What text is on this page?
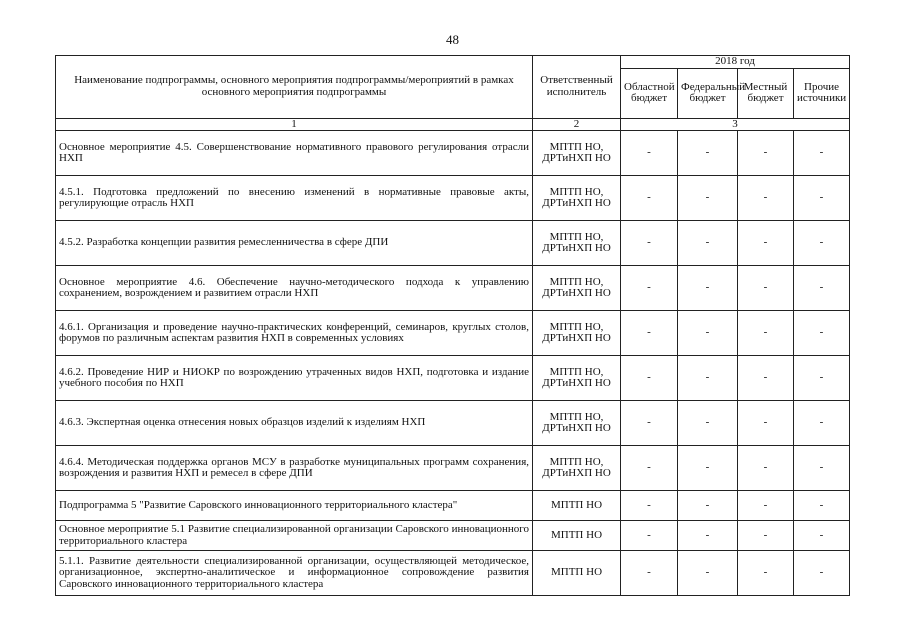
48
Наименование подпрограммы, основного мероприятия подпрограммы/мероприятий в рамках основного мероприятия подпрограммы	Ответственный исполнитель	2018 год			
		Областной бюджет	Федеральный бюджет	Местный бюджет	Прочие источники
1	2	3			
Основное мероприятие 4.5. Совершенствование нормативного правового регулирования отрасли НХП	МПТП НО, ДРТиНХП НО	-	-	-	-
4.5.1. Подготовка предложений по внесению изменений в нормативные правовые акты, регулирующие отрасль НХП	МПТП НО, ДРТиНХП НО	-	-	-	-
4.5.2. Разработка концепции развития ремесленничества в сфере ДПИ	МПТП НО, ДРТиНХП НО	-	-	-	-
Основное мероприятие 4.6. Обеспечение научно-методического подхода к управлению сохранением, возрождением и развитием отрасли НХП	МПТП НО, ДРТиНХП НО	-	-	-	-
4.6.1. Организация и проведение научно-практических конференций, семинаров, круглых столов, форумов по различным аспектам развития НХП в современных условиях	МПТП НО, ДРТиНХП НО	-	-	-	-
4.6.2. Проведение НИР и НИОКР по возрождению утраченных видов НХП, подготовка и издание учебного пособия по НХП	МПТП НО, ДРТиНХП НО	-	-	-	-
4.6.3. Экспертная оценка отнесения новых образцов изделий к изделиям НХП	МПТП НО, ДРТиНХП НО	-	-	-	-
4.6.4. Методическая поддержка органов МСУ в разработке муниципальных программ сохранения, возрождения и развития НХП и ремесел в сфере ДПИ	МПТП НО, ДРТиНХП НО	-	-	-	-
Подпрограмма 5 "Развитие Саровского инновационного территориального кластера"	МПТП НО	-	-	-	-
Основное мероприятие 5.1 Развитие специализированной организации Саровского инновационного территориального кластера	МПТП НО	-	-	-	-
5.1.1. Развитие деятельности специализированной организации, осуществляющей методическое, организационное, экспертно-аналитическое и информационное сопровождение развития Саровского инновационного территориального кластера	МПТП НО	-	-	-	-
